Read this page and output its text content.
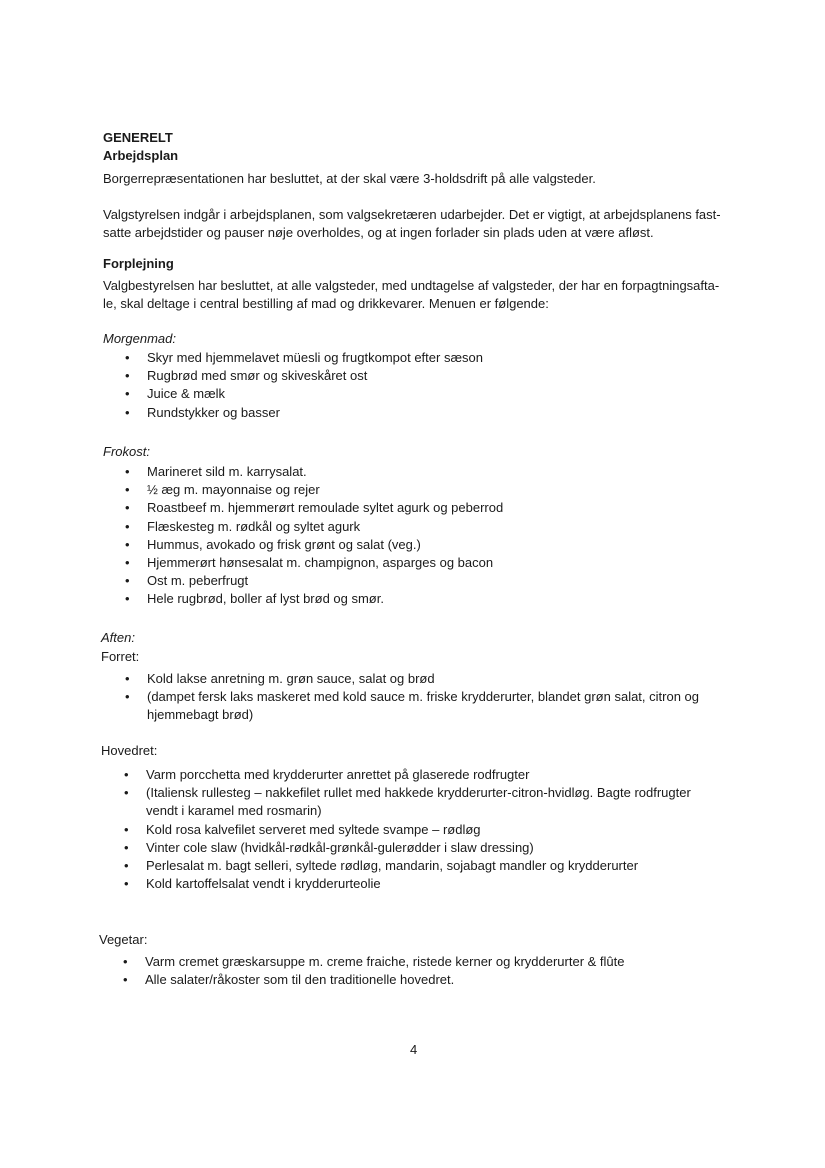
GENERELT
Arbejdsplan
Borgerrepræsentationen har besluttet, at der skal være 3-holdsdrift på alle valgsteder.
Valgstyrelsen indgår i arbejdsplanen, som valgsekretæren udarbejder. Det er vigtigt, at arbejdsplanens fast-
satte arbejdstider og pauser nøje overholdes, og at ingen forlader sin plads uden at være afløst.
Forplejning
Valgbestyrelsen har besluttet, at alle valgsteder, med undtagelse af valgsteder, der har en forpagtningsafta-
le, skal deltage i central bestilling af mad og drikkevarer. Menuen er følgende:
Morgenmad:
• Skyr med hjemmelavet müesli og frugtkompot efter sæson
• Rugbrød med smør og skiveskåret ost
• Juice & mælk
• Rundstykker og basser
Frokost:
• Marineret sild m. karrysalat.
• ½ æg m. mayonnaise og rejer
• Roastbeef m. hjemmerørt remoulade syltet agurk og peberrod
• Flæskesteg m. rødkål og syltet agurk
• Hummus, avokado og frisk grønt og salat (veg.)
• Hjemmerørt hønsesalat m. champignon, asparges og bacon
• Ost m. peberfrugt
• Hele rugbrød, boller af lyst brød og smør.
Aften:
Forret:
• Kold lakse anretning m. grøn sauce, salat og brød
• (dampet fersk laks maskeret med kold sauce m. friske krydderurter, blandet grøn salat, citron og hjemmebagt brød)
Hovedret:
• Varm porcchetta med krydderurter anrettet på glaserede rodfrugter
• (Italiensk rullesteg – nakkefilet rullet med hakkede krydderurter-citron-hvidløg. Bagte rodfrugter vendt i karamel med rosmarin)
• Kold rosa kalvefilet serveret med syltede svampe – rødløg
• Vinter cole slaw (hvidkål-rødkål-grønkål-gulerødder i slaw dressing)
• Perlesalat m. bagt selleri, syltede rødløg, mandarin, sojabagt mandler og krydderurter
• Kold kartoffelsalat vendt i krydderurteolie
Vegetar:
• Varm cremet græskarsuppe m. creme fraiche, ristede kerner og krydderurter & flûte
• Alle salater/råkoster som til den traditionelle hovedret.
4
